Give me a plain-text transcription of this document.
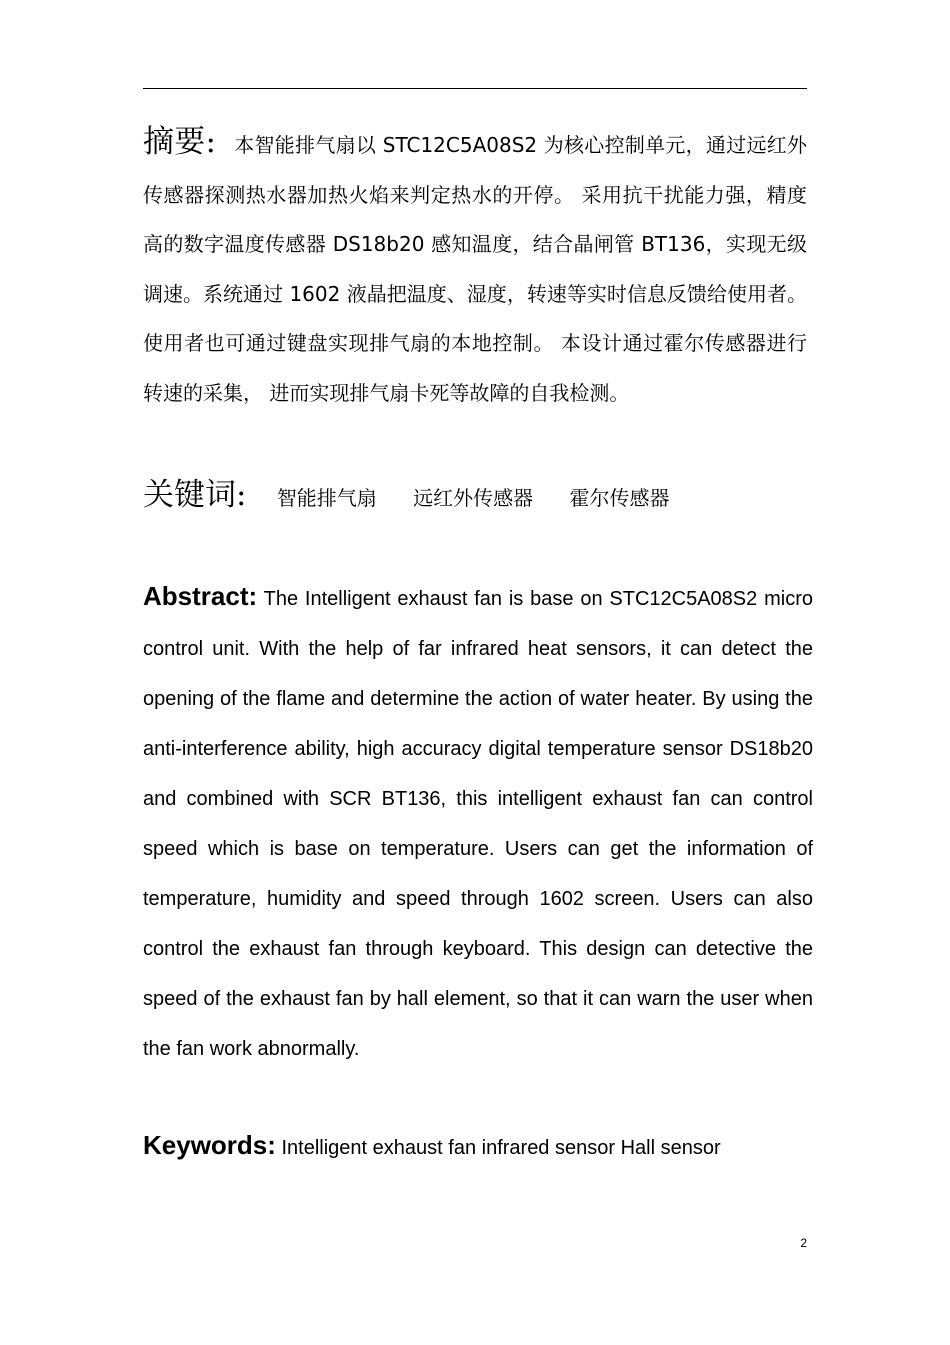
摘要: 本智能排气扇以 STC12C5A08S2 为核心控制单元，通过远红外传感器探测热水器加热火焰来判定热水的开停。 采用抗干扰能力强，精度高的数字温度传感器 DS18b20 感知温度，结合晶闸管 BT136，实现无级调速。系统通过 1602 液晶把温度、湿度，转速等实时信息反馈给使用者。 使用者也可通过键盘实现排气扇的本地控制。 本设计通过霍尔传感器进行转速的采集， 进而实现排气扇卡死等故障的自我检测。
关键词: 智能排气扇 远红外传感器 霍尔传感器
Abstract: The Intelligent exhaust fan is base on STC12C5A08S2 micro control unit. With the help of far infrared heat sensors, it can detect the opening of the flame and determine the action of water heater. By using the anti-interference ability, high accuracy digital temperature sensor DS18b20 and combined with SCR BT136, this intelligent exhaust fan can control speed which is base on temperature. Users can get the information of temperature, humidity and speed through 1602 screen. Users can also control the exhaust fan through keyboard. This design can detective the speed of the exhaust fan by hall element, so that it can warn the user when the fan work abnormally.
Keywords: Intelligent exhaust fan infrared sensor Hall sensor
2
